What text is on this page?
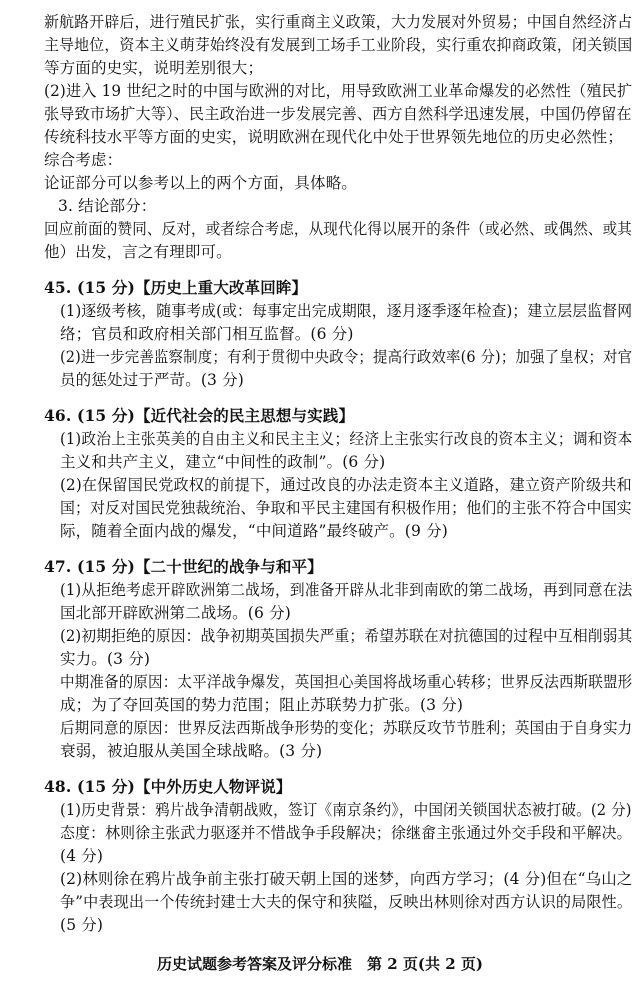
新航路开辟后，进行殖民扩张，实行重商主义政策，大力发展对外贸易；中国自然经济占
主导地位，资本主义萌芽始终没有发展到工场手工业阶段，实行重农抑商政策，闭关锁国
等方面的史实，说明差别很大；
(2)进入 19 世纪之时的中国与欧洲的对比，用导致欧洲工业革命爆发的必然性（殖民扩
张导致市场扩大等）、民主政治进一步发展完善、西方自然科学迅速发展，中国仍停留在
传统科技水平等方面的史实，说明欧洲在现代化中处于世界领先地位的历史必然性；
综合考虑：
论证部分可以参考以上的两个方面，具体略。
3. 结论部分：
回应前面的赞同、反对，或者综合考虑，从现代化得以展开的条件（或必然、或偶然、或其
他）出发，言之有理即可。
45. (15 分)【历史上重大改革回眸】
(1)逐级考核，随事考成(或：每事定出完成期限，逐月逐季逐年检查)；建立层层监督网
络；官员和政府相关部门相互监督。(6 分)
(2)进一步完善监察制度；有利于贯彻中央政令；提高行政效率(6 分)；加强了皇权；对官
员的惩处过于严苛。(3 分)
46. (15 分)【近代社会的民主思想与实践】
(1)政治上主张英美的自由主义和民主主义；经济上主张实行改良的资本主义；调和资本
主义和共产主义，建立“中间性的政制”。(6 分)
(2)在保留国民党政权的前提下，通过改良的办法走资本主义道路，建立资产阶级共和
国；对反对国民党独裁统治、争取和平民主建国有积极作用；他们的主张不符合中国实
际，随着全面内战的爆发，“中间道路”最终破产。(9 分)
47. (15 分)【二十世纪的战争与和平】
(1)从拒绝考虑开辟欧洲第二战场，到准备开辟从北非到南欧的第二战场，再到同意在法
国北部开辟欧洲第二战场。(6 分)
(2)初期拒绝的原因：战争初期英国损失严重；希望苏联在对抗德国的过程中互相削弱其
实力。(3 分)
中期准备的原因：太平洋战争爆发，英国担心美国将战场重心转移；世界反法西斯联盟形
成；为了夺回英国的势力范围；阻止苏联势力扩张。(3 分)
后期同意的原因：世界反法西斯战争形势的变化；苏联反攻节节胜利；英国由于自身实力
衰弱，被迫服从美国全球战略。(3 分)
48. (15 分)【中外历史人物评说】
(1)历史背景：鸦片战争清朝战败，签订《南京条约》，中国闭关锁国状态被打破。(2 分)
态度：林则徐主张武力驱逐并不惜战争手段解决；徐继畲主张通过外交手段和平解决。
(4 分)
(2)林则徐在鸦片战争前主张打破天朝上国的迷梦，向西方学习；(4 分)但在“乌山之
争”中表现出一个传统封建士大夫的保守和狭隘，反映出林则徐对西方认识的局限性。
(5 分)
历史试题参考答案及评分标准　第 2 页(共 2 页)
